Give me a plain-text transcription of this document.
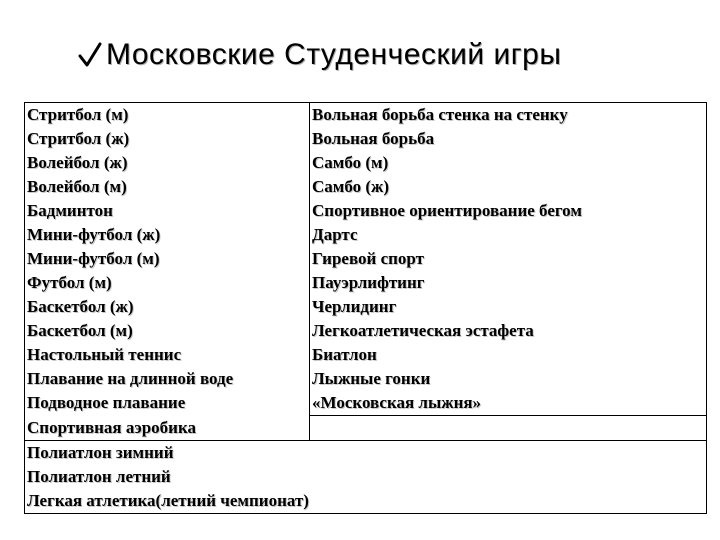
Московские Студенческий игры
Стритбол (м)	Вольная борьба стенка на стенку
Стритбол (ж)	Вольная борьба
Волейбол (ж)	Самбо (м)
Волейбол (м)	Самбо (ж)
Бадминтон	Спортивное ориентирование бегом
Мини-футбол (ж)	Дартс
Мини-футбол (м)	Гиревой спорт
Футбол (м)	Пауэрлифтинг
Баскетбол (ж)	Черлидинг
Баскетбол (м)	Легкоатлетическая эстафета
Настольный теннис	Биатлон
Плавание на длинной воде	Лыжные гонки
Подводное плавание	«Московская лыжня»
Спортивная аэробика	
Полиатлон зимний	
Полиатлон летний	
Легкая атлетика(летний чемпионат)	
